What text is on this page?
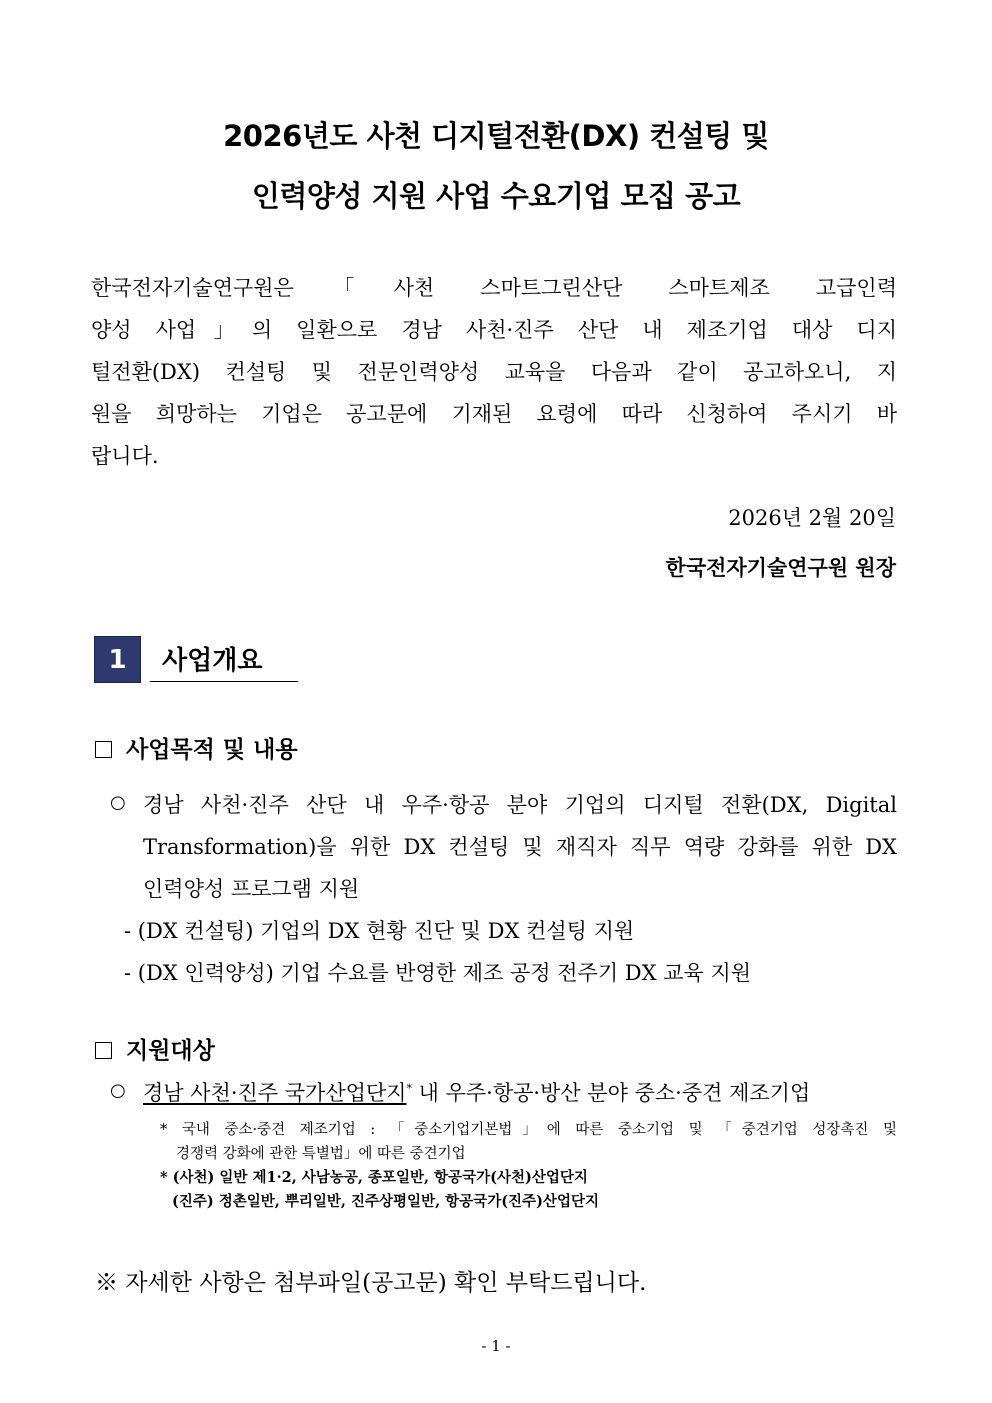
2026년도 사천 디지털전환(DX) 컨설팅 및
인력양성 지원 사업 수요기업 모집 공고
한국전자기술연구원은「사천 스마트그린산단 스마트제조 고급인력
양성 사업」의 일환으로 경남 사천·진주 산단 내 제조기업 대상 디지
털전환(DX) 컨설팅 및 전문인력양성 교육을 다음과 같이 공고하오니, 지
원을 희망하는 기업은 공고문에 기재된 요령에 따라 신청하여 주시기 바
랍니다.
2026년 2월 20일
한국전자기술연구원 원장
1	사업개요
사업목적 및 내용
○ 경남 사천·진주 산단 내 우주·항공 분야 기업의 디지털 전환(DX, Digital
Transformation)을 위한 DX 컨설팅 및 재직자 직무 역량 강화를 위한 DX
인력양성 프로그램 지원
- (DX 컨설팅) 기업의 DX 현황 진단 및 DX 컨설팅 지원
- (DX 인력양성) 기업 수요를 반영한 제조 공정 전주기 DX 교육 지원
지원대상
○ 경남 사천·진주 국가산업단지* 내 우주·항공·방산 분야 중소·중견 제조기업
* 국내 중소·중견 제조기업 : 「중소기업기본법」에 따른 중소기업 및 「중견기업 성장촉진 및
경쟁력 강화에 관한 특별법」에 따른 중견기업
* (사천) 일반 제1·2, 사남농공, 종포일반, 항공국가(사천)산업단지
(진주) 정촌일반, 뿌리일반, 진주상평일반, 항공국가(진주)산업단지
※ 자세한 사항은 첨부파일(공고문) 확인 부탁드립니다.
- 1 -
